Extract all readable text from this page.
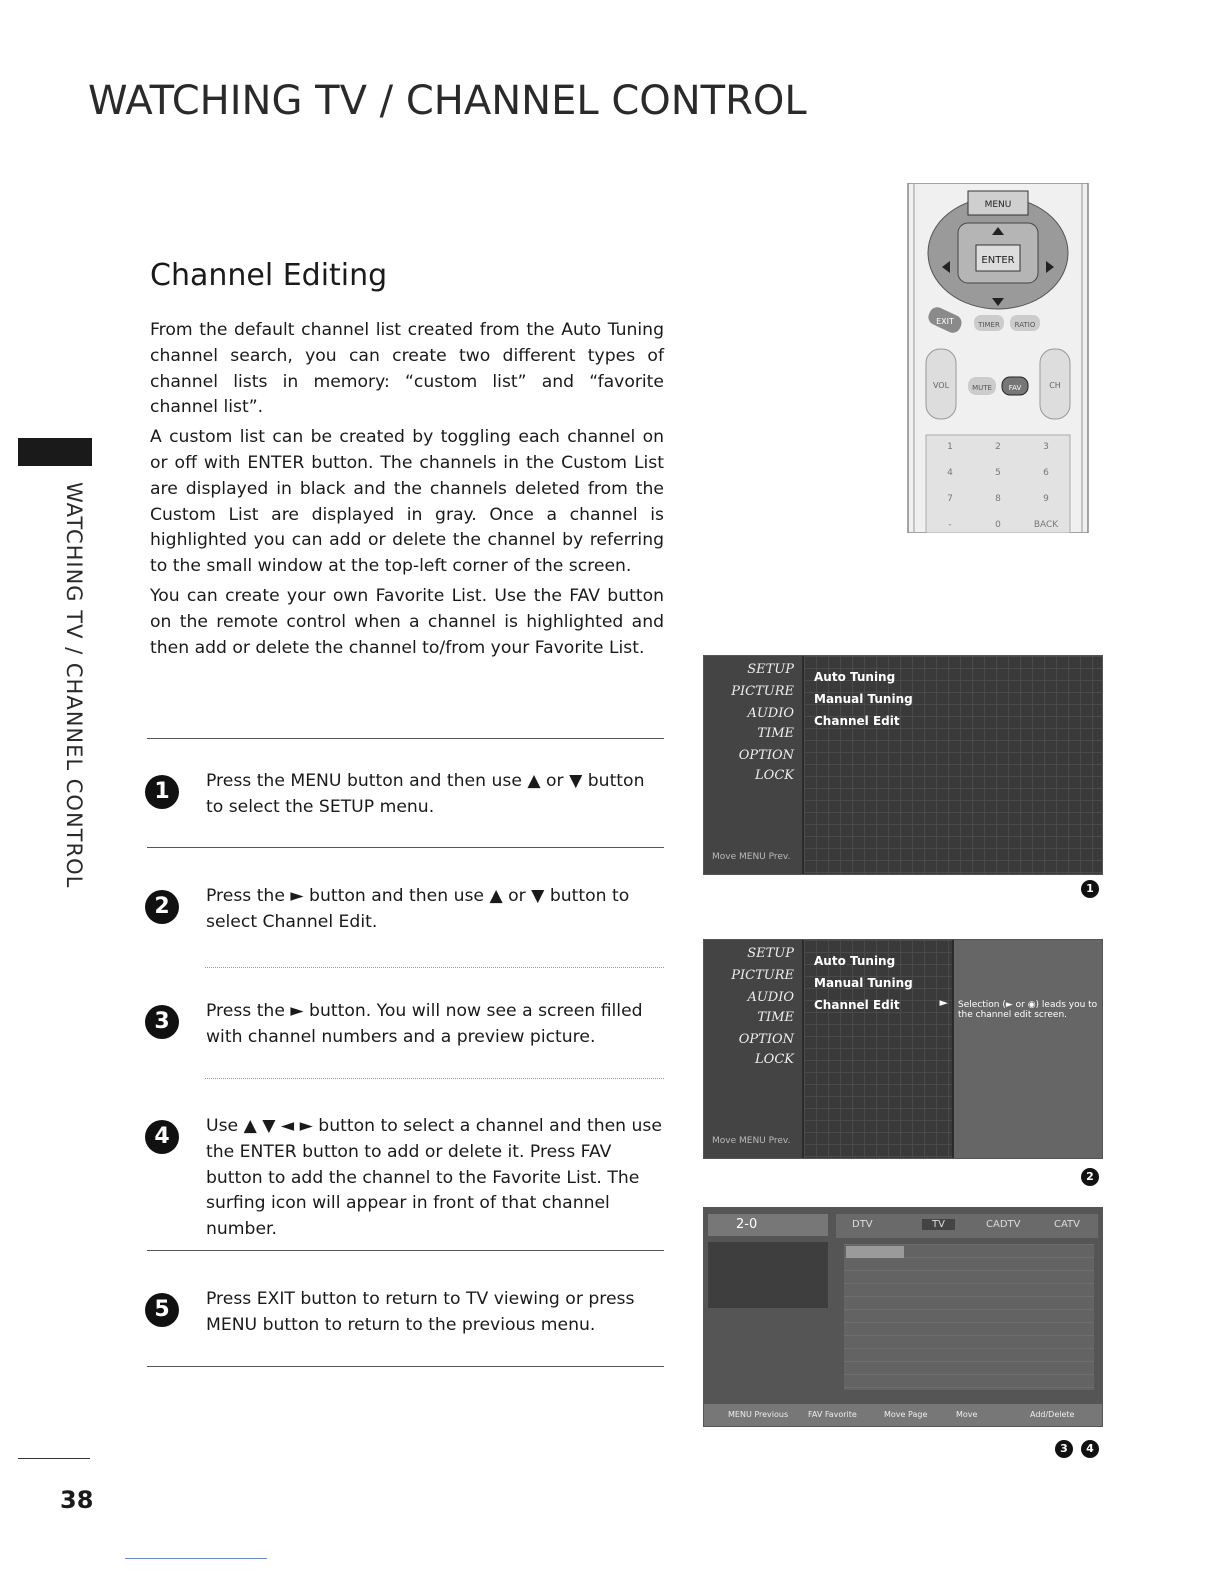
WATCHING TV / CHANNEL CONTROL
WATCHING TV / CHANNEL CONTROL
Channel Editing

From the default channel list created from the Auto Tuning channel search, you can create two different types of channel lists in memory: “custom list” and “favorite channel list”.

A custom list can be created by toggling each channel on or off with ENTER button. The channels in the Custom List are displayed in black and the channels deleted from the Custom List are displayed in gray. Once a channel is highlighted you can add or delete the channel by referring to the small window at the top-left corner of the screen.

You can create your own Favorite List. Use the FAV button on the remote control when a channel is highlighted and then add or delete the channel to/from your Favorite List.

1	Press the MENU button and then use ▲ or ▼ button to select the SETUP menu.
2	Press the ► button and then use ▲ or ▼ button to select Channel Edit.
3	Press the ► button. You will now see a screen filled with channel numbers and a preview picture.
4	Use ▲ ▼ ◄ ► button to select a channel and then use the ENTER button to add or delete it. Press FAV button to add the channel to the Favorite List. The surfing icon will appear in front of that channel number.
5	Press EXIT button to return to TV viewing or press MENU button to return to the previous menu.
MENU
ENTER
EXIT	TIMER RATIO
VOL	MUTE FAV	CH
1	2	3
4	5	6
7	8	9
-	0	BACK
SETUP
PICTURE
AUDIO
TIME
OPTION
LOCK
Move MENU Prev.
Auto Tuning
Manual Tuning
Channel Edit
1
SETUP
PICTURE
AUDIO
TIME
OPTION
LOCK
Move MENU Prev.
Auto Tuning
Manual Tuning
Channel Edit	► Selection (► or ◉) leads you to the channel edit screen.
2
2-0	DTV	TV	CADTV	CATV
MENU Previous FAV Favorite	Move Page	Move	Add/Delete
3	4
38
